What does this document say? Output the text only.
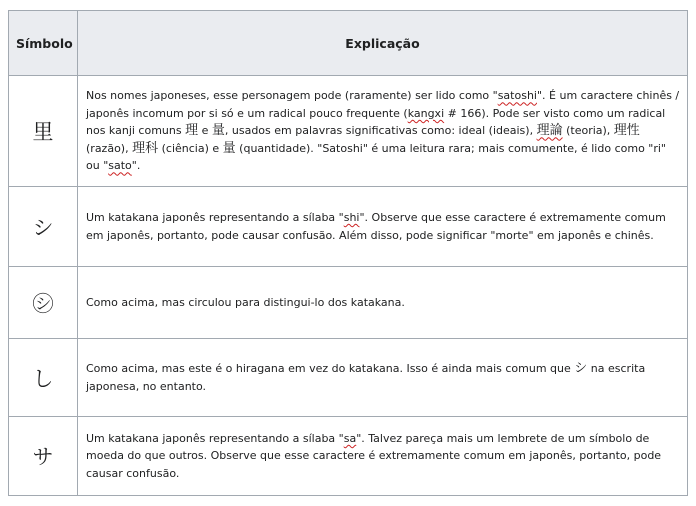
Símbolo	Explicação
里	Nos nomes japoneses, esse personagem pode (raramente) ser lido como "satoshi". É um caractere chinês / japonês incomum por si só e um radical pouco frequente (kangxi # 166). Pode ser visto como um radical nos kanji comuns 理 e 量, usados em palavras significativas como: ideal (ideais), 理論 (teoria), 理性 (razão), 理科 (ciência) e 量 (quantidade). "Satoshi" é uma leitura rara; mais comumente, é lido como "ri" ou "sato".
シ	Um katakana japonês representando a sílaba "shi". Observe que esse caractere é extremamente comum em japonês, portanto, pode causar confusão. Além disso, pode significar "morte" em japonês e chinês.
㋛	Como acima, mas circulou para distingui-lo dos katakana.
し	Como acima, mas este é o hiragana em vez do katakana. Isso é ainda mais comum que シ na escrita japonesa, no entanto.
サ	Um katakana japonês representando a sílaba "sa". Talvez pareça mais um lembrete de um símbolo de moeda do que outros. Observe que esse caractere é extremamente comum em japonês, portanto, pode causar confusão.
